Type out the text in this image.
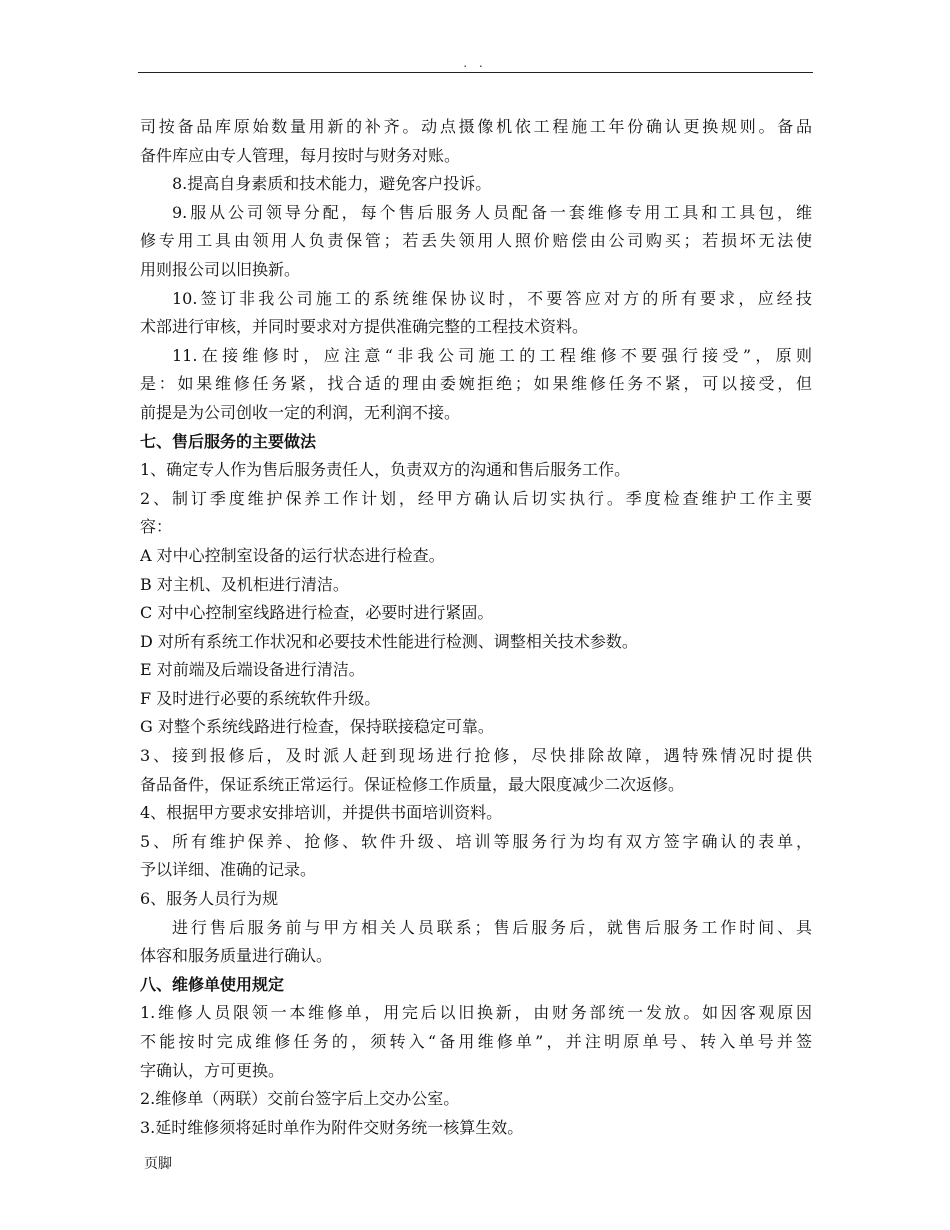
. .

司按备品库原始数量用新的补齐。动点摄像机依工程施工年份确认更换规则。备品

备件库应由专人管理，每月按时与财务对账。

8.提高自身素质和技术能力，避免客户投诉。

9.服从公司领导分配，每个售后服务人员配备一套维修专用工具和工具包，维

修专用工具由领用人负责保管；若丢失领用人照价赔偿由公司购买；若损坏无法使

用则报公司以旧换新。

10.签订非我公司施工的系统维保协议时，不要答应对方的所有要求，应经技

术部进行审核，并同时要求对方提供准确完整的工程技术资料。

11.在接维修时，应注意“非我公司施工的工程维修不要强行接受”，原则

是：如果维修任务紧，找合适的理由委婉拒绝；如果维修任务不紧，可以接受，但

前提是为公司创收一定的利润，无利润不接。

七、售后服务的主要做法

1、确定专人作为售后服务责任人，负责双方的沟通和售后服务工作。

2、制订季度维护保养工作计划，经甲方确认后切实执行。季度检查维护工作主要

容：

A 对中心控制室设备的运行状态进行检查。

B 对主机、及机柜进行清洁。

C 对中心控制室线路进行检查，必要时进行紧固。

D 对所有系统工作状况和必要技术性能进行检测、调整相关技术参数。

E 对前端及后端设备进行清洁。

F 及时进行必要的系统软件升级。

G 对整个系统线路进行检查，保持联接稳定可靠。

3、接到报修后，及时派人赶到现场进行抢修，尽快排除故障，遇特殊情况时提供

备品备件，保证系统正常运行。保证检修工作质量，最大限度减少二次返修。

4、根据甲方要求安排培训，并提供书面培训资料。

5、所有维护保养、抢修、软件升级、培训等服务行为均有双方签字确认的表单，

予以详细、准确的记录。

6、服务人员行为规

进行售后服务前与甲方相关人员联系；售后服务后，就售后服务工作时间、具

体容和服务质量进行确认。

八、维修单使用规定

1.维修人员限领一本维修单，用完后以旧换新，由财务部统一发放。如因客观原因

不能按时完成维修任务的，须转入“备用维修单”，并注明原单号、转入单号并签

字确认，方可更换。

2.维修单（两联）交前台签字后上交办公室。

3.延时维修须将延时单作为附件交财务统一核算生效。

页脚
